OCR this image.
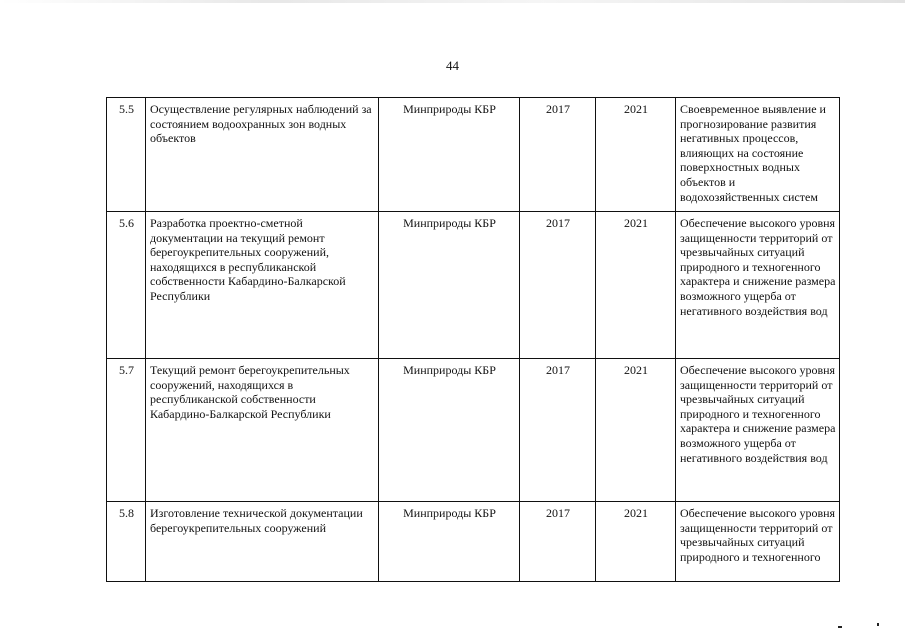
44
5.5	Осуществление регулярных наблюдений за состоянием водоохранных зон водных объектов	Минприроды КБР	2017	2021	Своевременное выявление и прогнозирование развития негативных процессов, влияющих на состояние поверхностных водных объектов и водохозяйственных систем
5.6	Разработка проектно-сметной документации на текущий ремонт берегоукрепительных сооружений, находящихся в республиканской собственности Кабардино-Балкарской Республики	Минприроды КБР	2017	2021	Обеспечение высокого уровня защищенности территорий от чрезвычайных ситуаций природного и техногенного характера и снижение размера возможного ущерба от негативного воздействия вод
5.7	Текущий ремонт берегоукрепительных сооружений, находящихся в республиканской собственности Кабардино-Балкарской Республики	Минприроды КБР	2017	2021	Обеспечение высокого уровня защищенности территорий от чрезвычайных ситуаций природного и техногенного характера и снижение размера возможного ущерба от негативного воздействия вод
5.8	Изготовление технической документации берегоукрепительных сооружений	Минприроды КБР	2017	2021	Обеспечение высокого уровня защищенности территорий от чрезвычайных ситуаций природного и техногенного
